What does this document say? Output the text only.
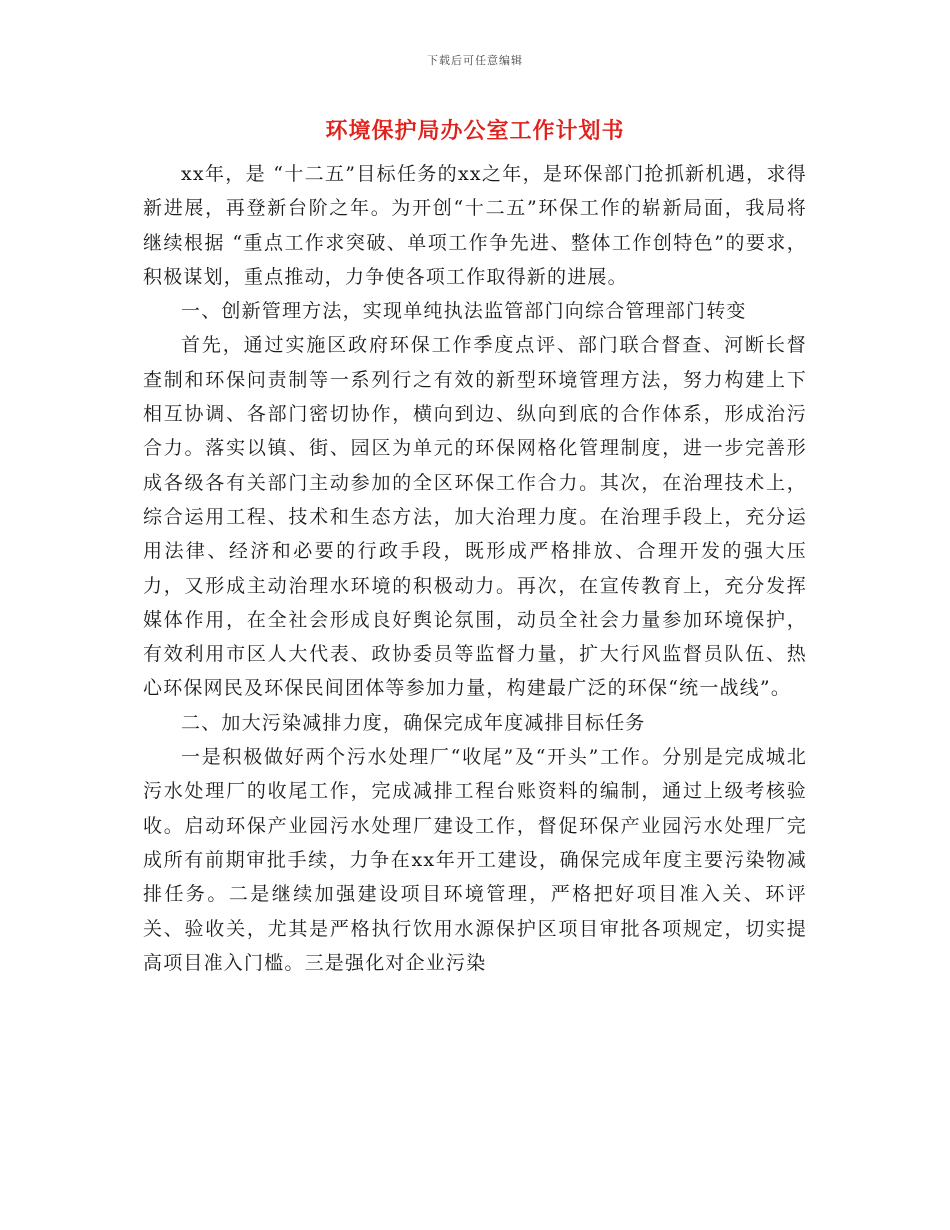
下载后可任意编辑
环境保护局办公室工作计划书

xx年，是 “十二五”目标任务的xx之年，是环保部门抢抓新机遇，求得新进展，再登新台阶之年。为开创“十二五”环保工作的崭新局面，我局将继续根据 “重点工作求突破、单项工作争先进、整体工作创特色”的要求，积极谋划，重点推动，力争使各项工作取得新的进展。

一、创新管理方法，实现单纯执法监管部门向综合管理部门转变

首先，通过实施区政府环保工作季度点评、部门联合督查、河断长督查制和环保问责制等一系列行之有效的新型环境管理方法，努力构建上下相互协调、各部门密切协作，横向到边、纵向到底的合作体系，形成治污合力。落实以镇、街、园区为单元的环保网格化管理制度，进一步完善形成各级各有关部门主动参加的全区环保工作合力。其次，在治理技术上，综合运用工程、技术和生态方法，加大治理力度。在治理手段上，充分运用法律、经济和必要的行政手段，既形成严格排放、合理开发的强大压力，又形成主动治理水环境的积极动力。再次，在宣传教育上，充分发挥媒体作用，在全社会形成良好舆论氛围，动员全社会力量参加环境保护，有效利用市区人大代表、政协委员等监督力量，扩大行风监督员队伍、热心环保网民及环保民间团体等参加力量，构建最广泛的环保“统一战线”。

二、加大污染减排力度，确保完成年度减排目标任务

一是积极做好两个污水处理厂“收尾”及“开头”工作。分别是完成城北污水处理厂的收尾工作，完成减排工程台账资料的编制，通过上级考核验收。启动环保产业园污水处理厂建设工作，督促环保产业园污水处理厂完成所有前期审批手续，力争在xx年开工建设，确保完成年度主要污染物减排任务。二是继续加强建设项目环境管理，严格把好项目准入关、环评关、验收关，尤其是严格执行饮用水源保护区项目审批各项规定，切实提高项目准入门槛。三是强化对企业污染
